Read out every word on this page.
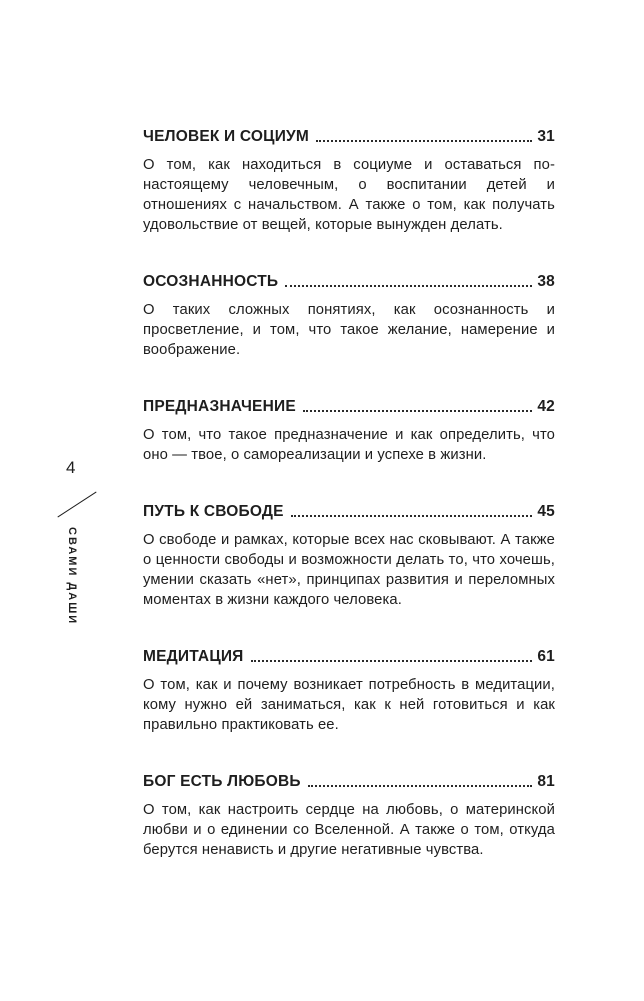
4
СВАМИ ДАШИ
ЧЕЛОВЕК И СОЦИУМ	31

О том, как находиться в социуме и оставаться по-настоящему человечным, о воспитании детей и отношениях с начальством. А также о том, как получать удовольствие от вещей, которые вынужден делать.

ОСОЗНАННОСТЬ	38

О таких сложных понятиях, как осознанность и просветление, и том, что такое желание, намерение и воображение.

ПРЕДНАЗНАЧЕНИЕ	42

О том, что такое предназначение и как определить, что оно — твое, о самореализации и успехе в жизни.

ПУТЬ К СВОБОДЕ	45

О свободе и рамках, которые всех нас сковывают. А также о ценности свободы и возможности делать то, что хочешь, умении сказать «нет», принципах развития и переломных моментах в жизни каждого человека.

МЕДИТАЦИЯ	61

О том, как и почему возникает потребность в медитации, кому нужно ей заниматься, как к ней готовиться и как правильно практиковать ее.

БОГ ЕСТЬ ЛЮБОВЬ	81

О том, как настроить сердце на любовь, о материнской любви и о единении со Вселенной. А также о том, откуда берутся ненависть и другие негативные чувства.
